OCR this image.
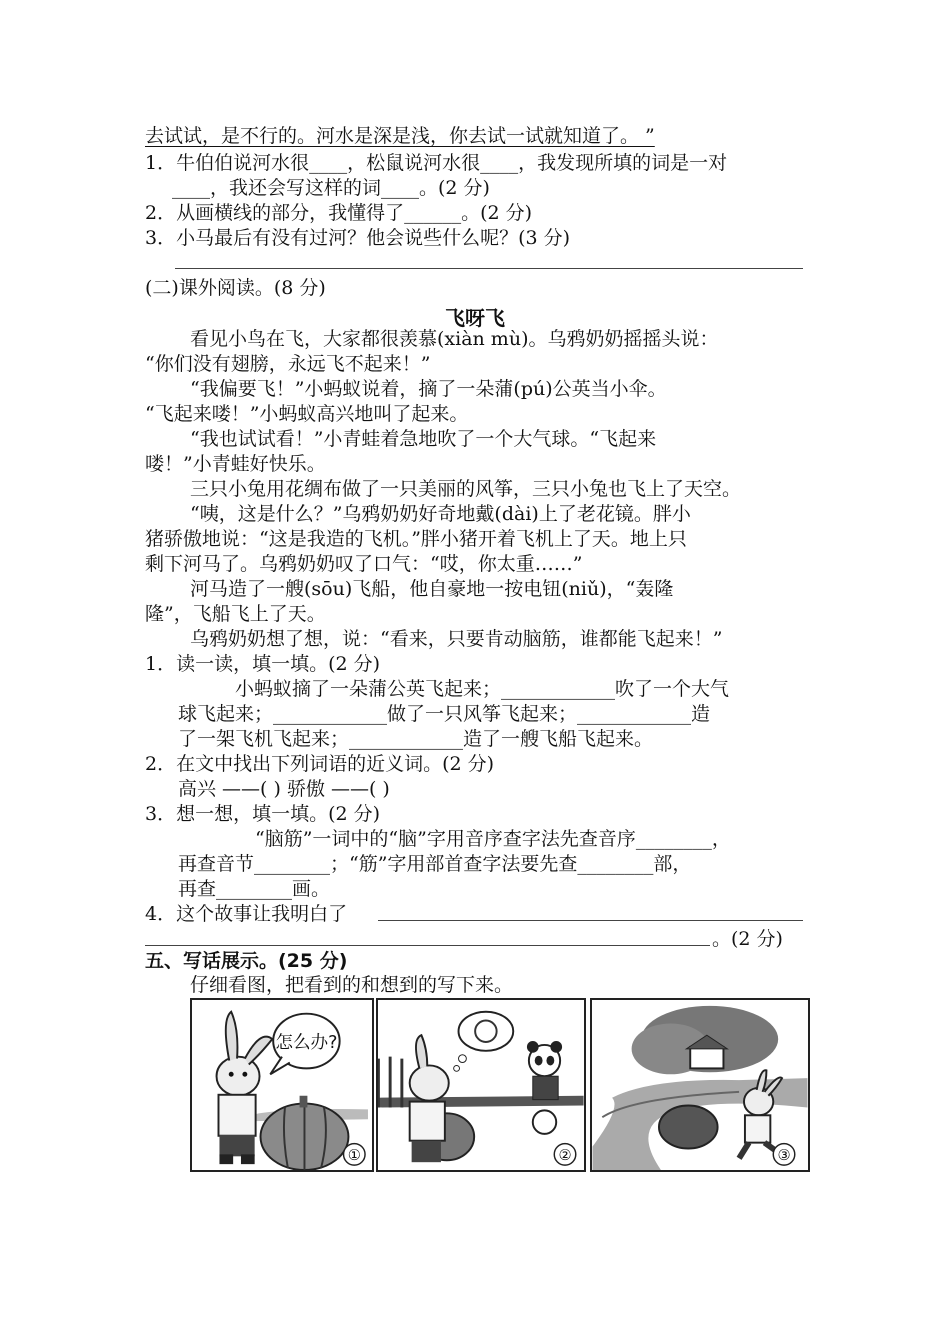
去试试，是不行的。河水是深是浅，你去试一试就知道了。 ”
1．牛伯伯说河水很____，松鼠说河水很____，我发现所填的词是一对
____，我还会写这样的词____。(2 分)
2．从画横线的部分，我懂得了______。(2 分)
3．小马最后有没有过河？他会说些什么呢？(3 分)
(二)课外阅读。(8 分)
飞呀飞
看见小鸟在飞，大家都很羡慕(xiàn mù)。乌鸦奶奶摇摇头说：
“你们没有翅膀，永远飞不起来！”
“我偏要飞！”小蚂蚁说着，摘了一朵蒲(pú)公英当小伞。
“飞起来喽！”小蚂蚁高兴地叫了起来。
“我也试试看！”小青蛙着急地吹了一个大气球。“飞起来
喽！”小青蛙好快乐。
三只小兔用花绸布做了一只美丽的风筝，三只小兔也飞上了天空。
“咦，这是什么？”乌鸦奶奶好奇地戴(dài)上了老花镜。胖小
猪骄傲地说：“这是我造的飞机。”胖小猪开着飞机上了天。地上只
剩下河马了。乌鸦奶奶叹了口气：“哎，你太重……”
河马造了一艘(sōu)飞船，他自豪地一按电钮(niǔ)，“轰隆
隆”，飞船飞上了天。
乌鸦奶奶想了想，说：“看来，只要肯动脑筋，谁都能飞起来！”
1．读一读，填一填。(2 分)
小蚂蚁摘了一朵蒲公英飞起来；____________吹了一个大气
球飞起来；____________做了一只风筝飞起来；____________造
了一架飞机飞起来；____________造了一艘飞船飞起来。
2．在文中找出下列词语的近义词。(2 分)
高兴 ——( ) 骄傲 ——( )
3．想一想，填一填。(2 分)
“脑筋”一词中的“脑”字用音序查字法先查音序________，
再查音节________；“筋”字用部首查字法要先查________部，
再查________画。
4．这个故事让我明白了
。(2 分)
五、写话展示。(25 分)
仔细看图，把看到的和想到的写下来。
怎么办?
①	②	③
